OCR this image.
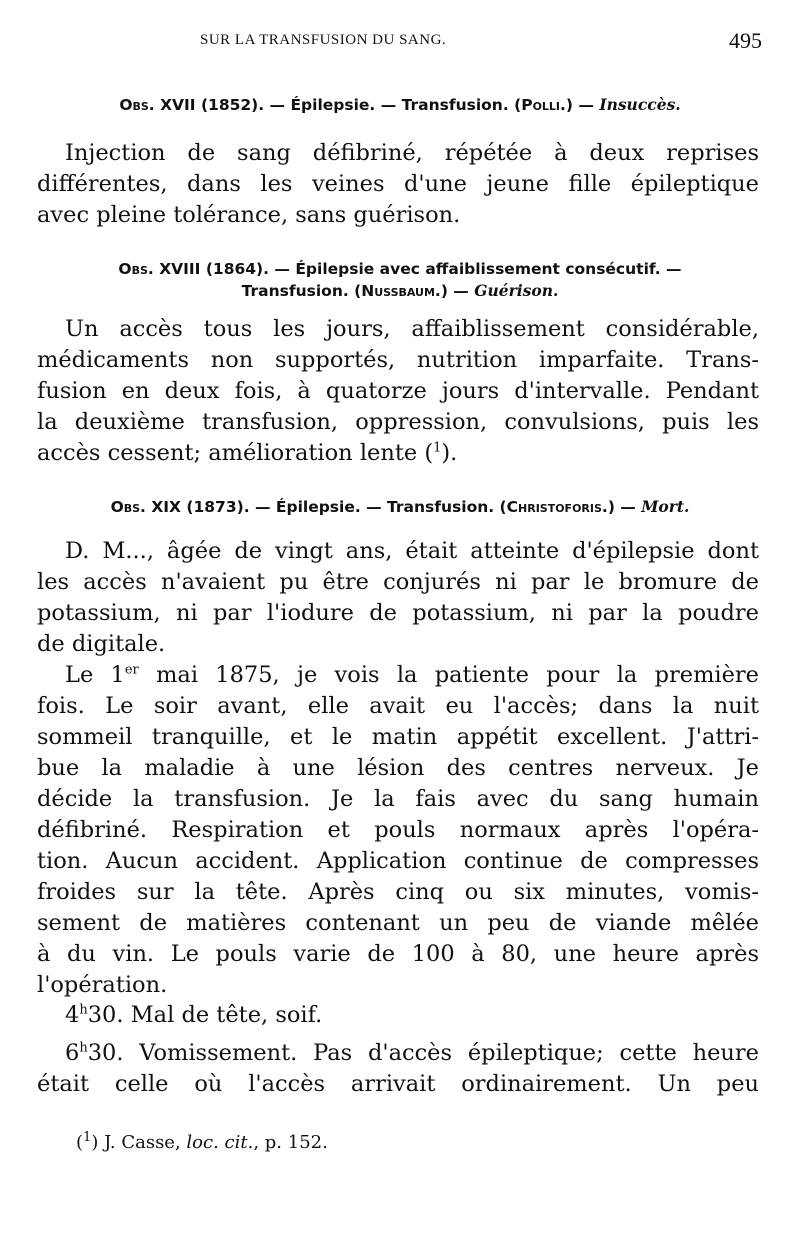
SUR LA TRANSFUSION DU SANG.	495
Obs. XVII (1852). — Épilepsie. — Transfusion. (Polli.) — Insuccès.
Injection de sang défibriné, répétée à deux reprises
différentes, dans les veines d'une jeune fille épileptique
avec pleine tolérance, sans guérison.
Obs. XVIII (1864). — Épilepsie avec affaiblissement consécutif. —
Transfusion. (Nussbaum.) — Guérison.
Un accès tous les jours, affaiblissement considérable,
médicaments non supportés, nutrition imparfaite. Trans-
fusion en deux fois, à quatorze jours d'intervalle. Pendant
la deuxième transfusion, oppression, convulsions, puis les
accès cessent; amélioration lente ($^1$).
Obs. XIX (1873). — Épilepsie. — Transfusion. (Christoforis.) — Mort.
D. M..., âgée de vingt ans, était atteinte d'épilepsie dont
les accès n'avaient pu être conjurés ni par le bromure de
potassium, ni par l'iodure de potassium, ni par la poudre
de digitale.
Le 1er mai 1875, je vois la patiente pour la première
fois. Le soir avant, elle avait eu l'accès; dans la nuit
sommeil tranquille, et le matin appétit excellent. J'attri-
bue la maladie à une lésion des centres nerveux. Je
décide la transfusion. Je la fais avec du sang humain
défibriné. Respiration et pouls normaux après l'opéra-
tion. Aucun accident. Application continue de compresses
froides sur la tête. Après cinq ou six minutes, vomis-
sement de matières contenant un peu de viande mêlée
à du vin. Le pouls varie de 100 à 80, une heure après
l'opération.
4$^h$30. Mal de tête, soif.
6$^h$30. Vomissement. Pas d'accès épileptique; cette heure
était celle où l'accès arrivait ordinairement. Un peu
($^1$) J. Casse, loc. cit., p. 152.
